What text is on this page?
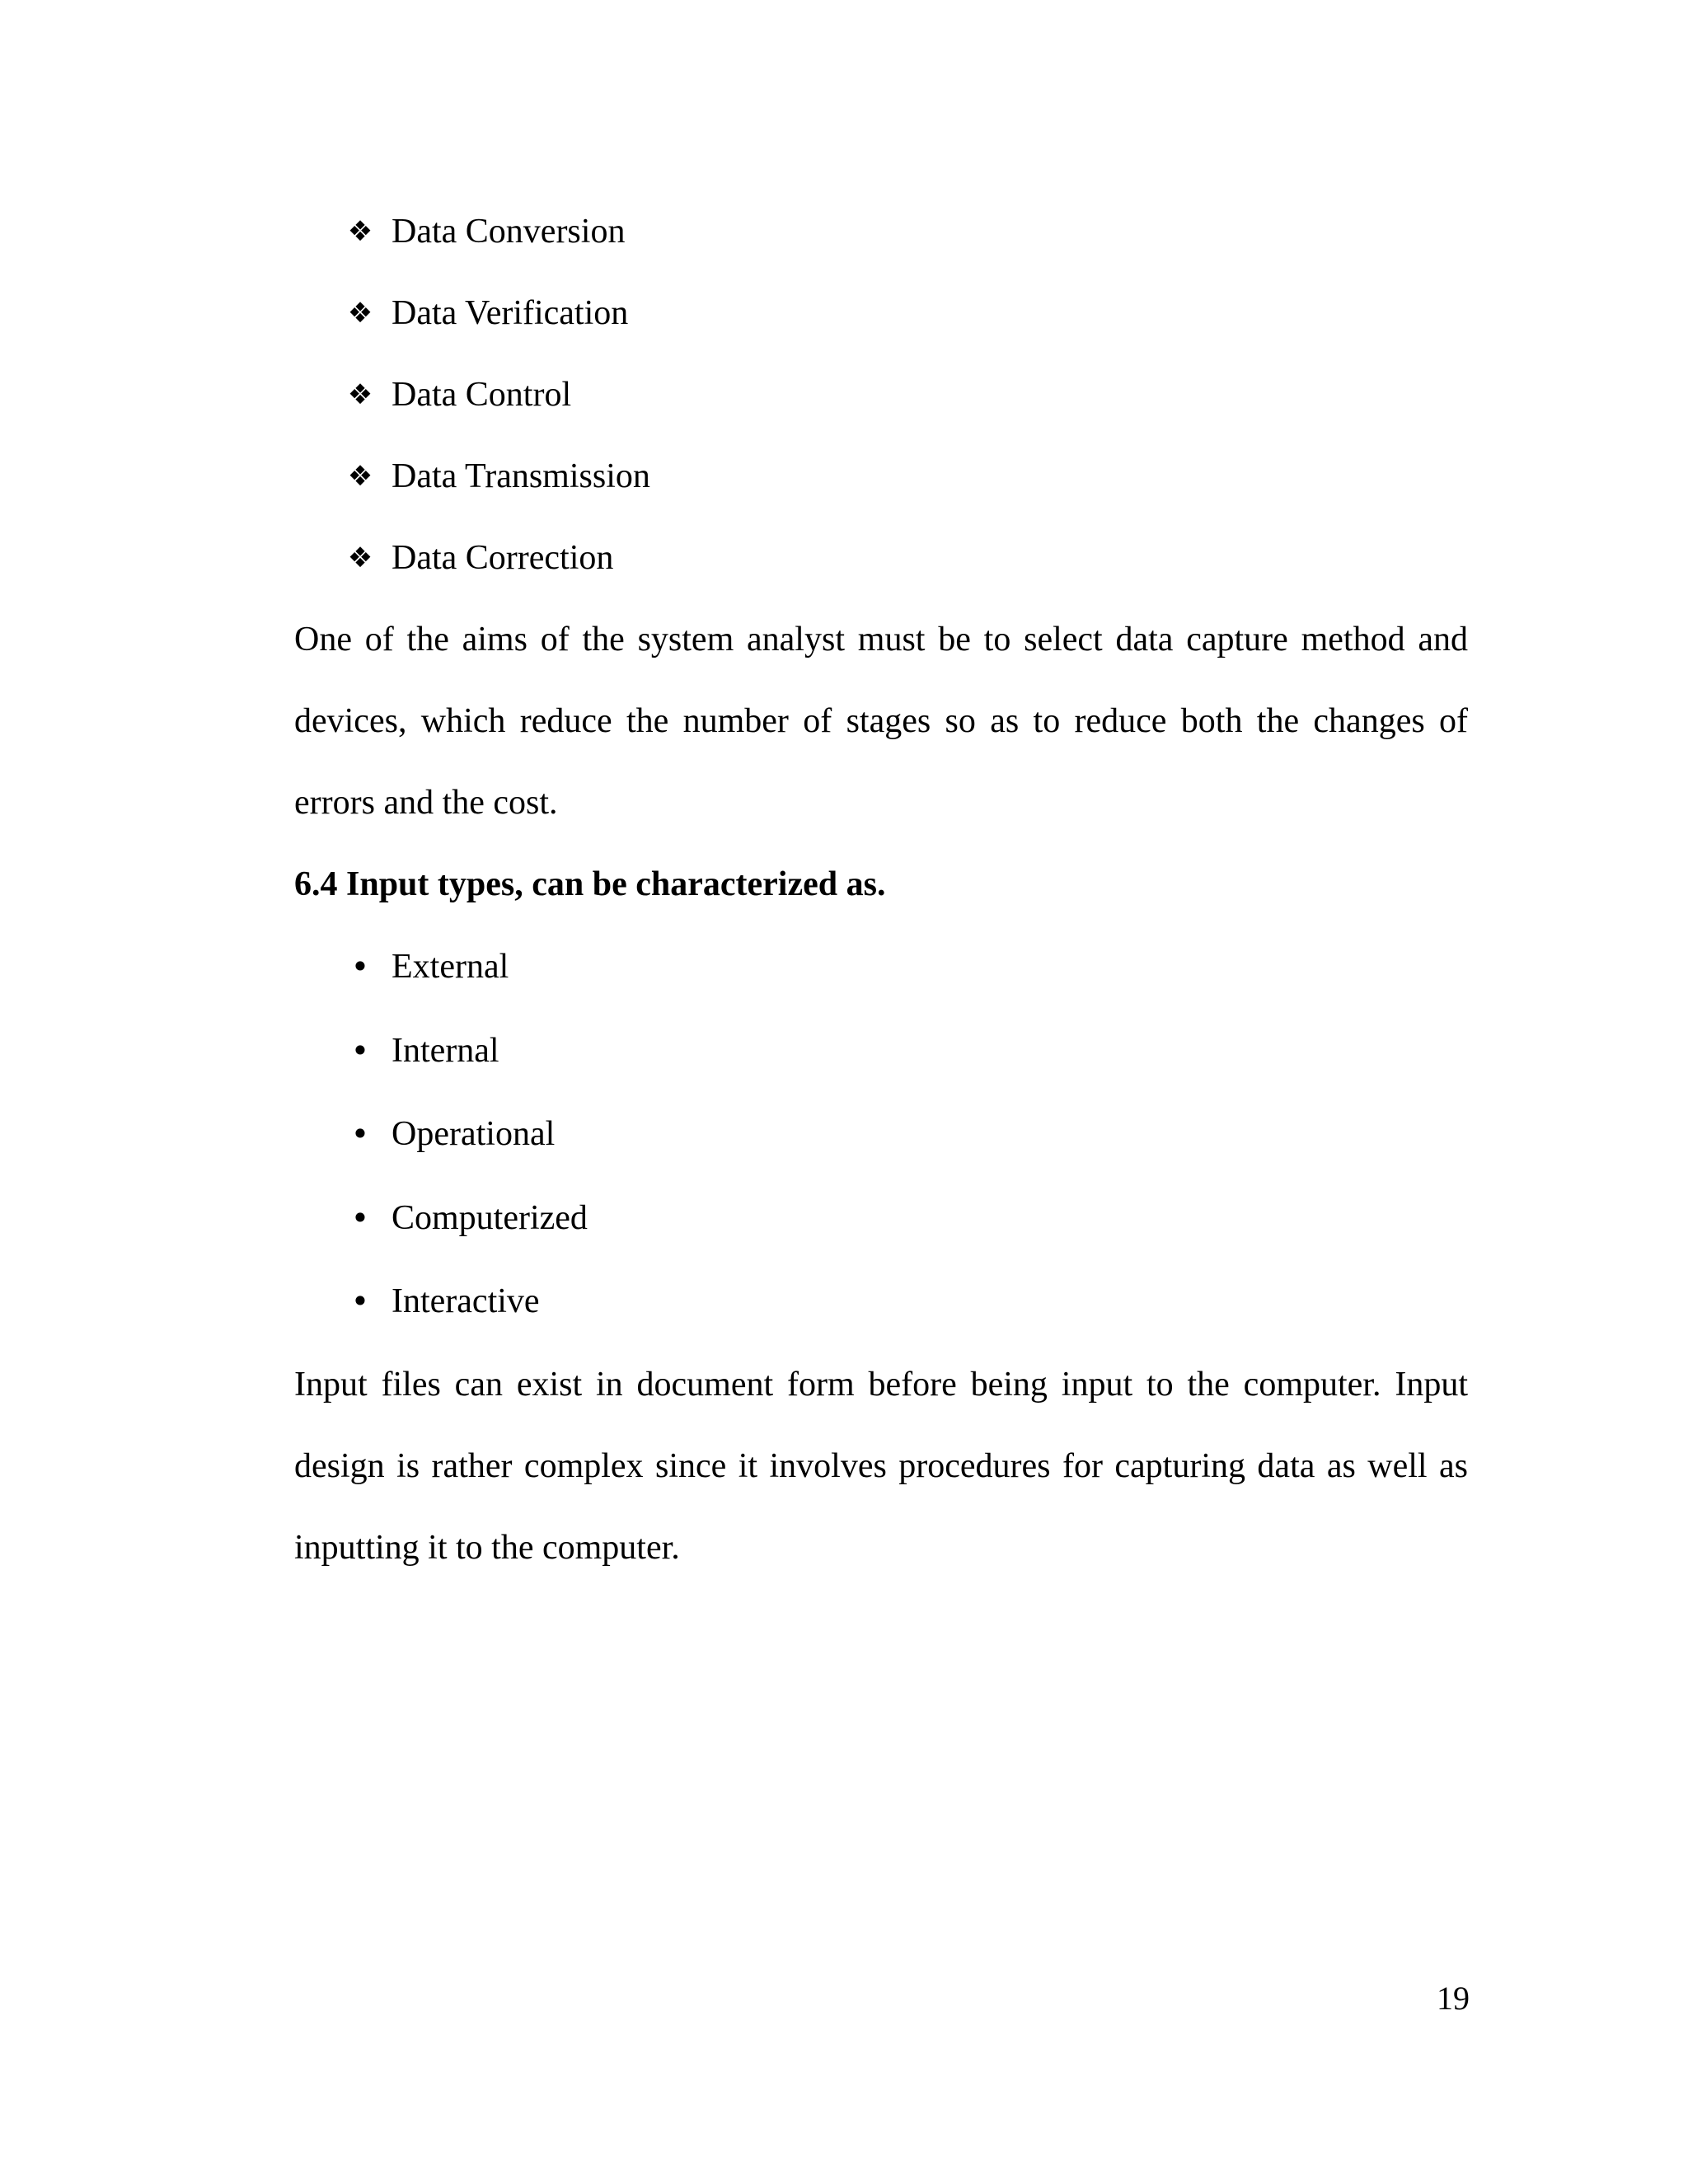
❖ Data Conversion
❖ Data Verification
❖ Data Control
❖ Data Transmission
❖ Data Correction

One of the aims of the system analyst must be to select data capture method and devices, which reduce the number of stages so as to reduce both the changes of errors and the cost.

6.4 Input types, can be characterized as.
• External
• Internal
• Operational
• Computerized
• Interactive

Input files can exist in document form before being input to the computer. Input design is rather complex since it involves procedures for capturing data as well as inputting it to the computer.

19
